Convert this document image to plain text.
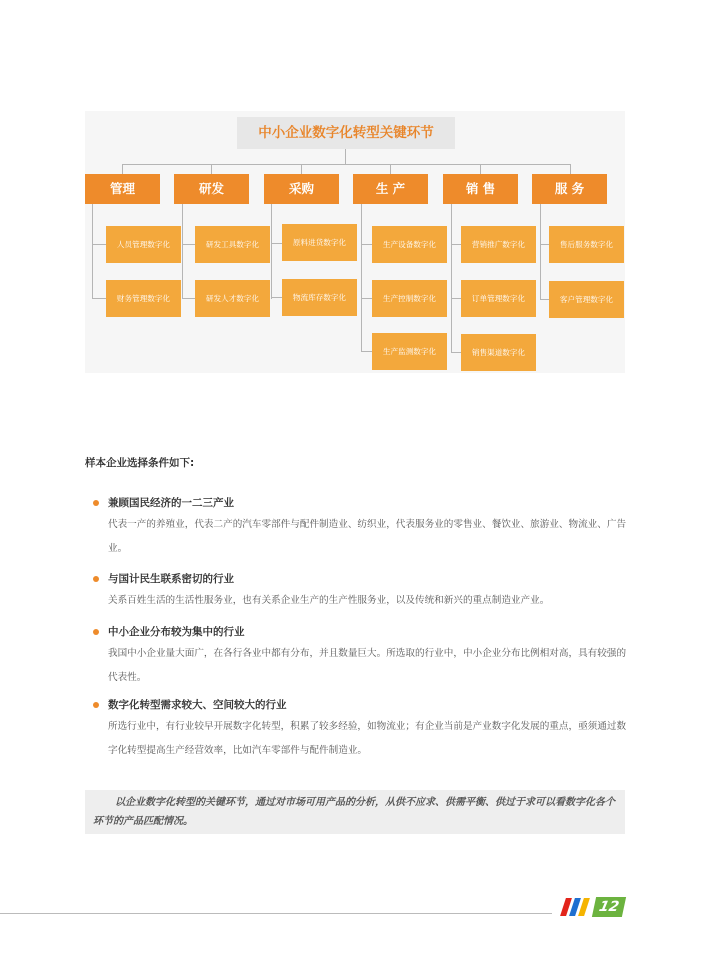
中小企业数字化转型关键环节
管理	研发	采购	生 产	销 售	服 务
人员管理数字化
财务管理数字化
研发工具数字化
研发人才数字化
原料进货数字化
物流库存数字化
生产设备数字化
生产控制数字化
生产监测数字化
营销推广数字化
订单管理数字化
销售渠道数字化
售后服务数字化
客户管理数字化
样本企业选择条件如下:
兼顾国民经济的一二三产业
代表一产的养殖业，代表二产的汽车零部件与配件制造业、纺织业，代表服务业的零售业、餐饮业、旅游业、物流业、广告业。
与国计民生联系密切的行业
关系百姓生活的生活性服务业，也有关系企业生产的生产性服务业，以及传统和新兴的重点制造业产业。
中小企业分布较为集中的行业
我国中小企业量大面广，在各行各业中都有分布，并且数量巨大。所选取的行业中，中小企业分布比例相对高，具有较强的代表性。
数字化转型需求较大、空间较大的行业
所选行业中，有行业较早开展数字化转型，积累了较多经验，如物流业；有企业当前是产业数字化发展的重点，亟须通过数字化转型提高生产经营效率，比如汽车零部件与配件制造业。
以企业数字化转型的关键环节，通过对市场可用产品的分析，从供不应求、供需平衡、供过于求可以看数字化各个环节的产品匹配情况。
12
